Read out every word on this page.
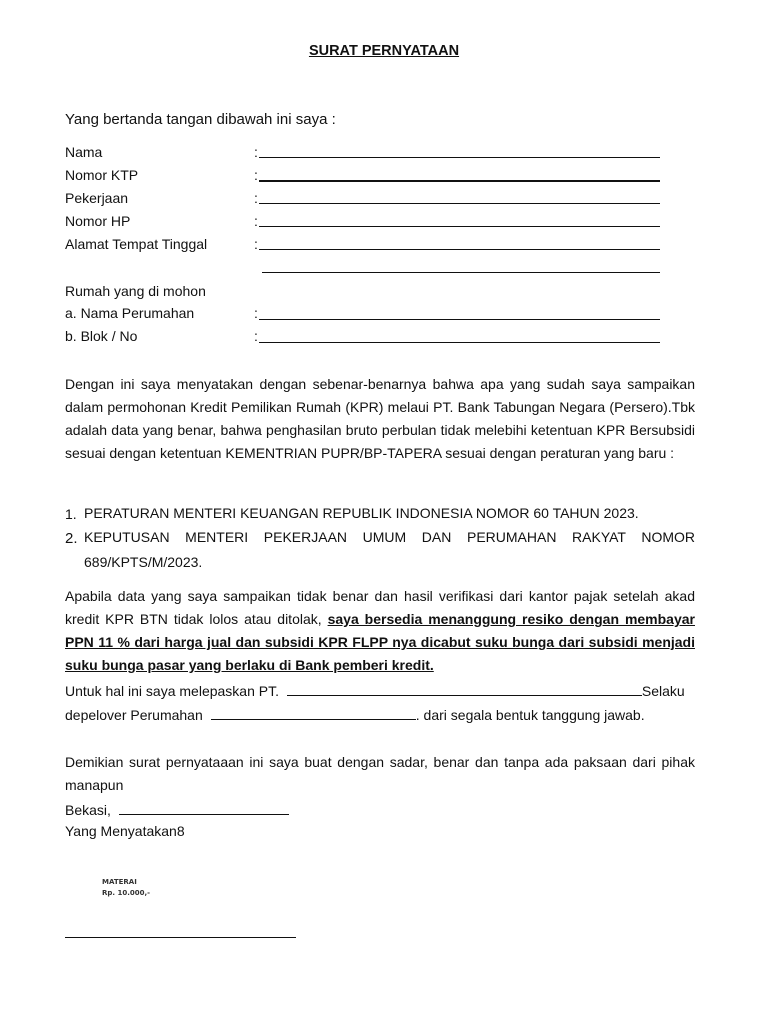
SURAT PERNYATAAN
Yang bertanda tangan dibawah ini saya :
Nama	:
Nomor KTP	:
Pekerjaan	:
Nomor HP	:
Alamat Tempat Tinggal	:
Rumah yang di mohon
a. Nama Perumahan	:
b. Blok / No	:
Dengan ini saya menyatakan dengan sebenar-benarnya bahwa apa yang sudah saya sampaikan dalam permohonan Kredit Pemilikan Rumah (KPR) melaui PT. Bank Tabungan Negara (Persero).Tbk adalah data yang benar, bahwa penghasilan bruto perbulan tidak melebihi ketentuan KPR Bersubsidi sesuai dengan ketentuan KEMENTRIAN PUPR/BP-TAPERA sesuai dengan peraturan yang baru :
1. PERATURAN MENTERI KEUANGAN REPUBLIK INDONESIA NOMOR 60 TAHUN 2023.
2. KEPUTUSAN MENTERI PEKERJAAN UMUM DAN PERUMAHAN RAKYAT NOMOR 689/KPTS/M/2023.
Apabila data yang saya sampaikan tidak benar dan hasil verifikasi dari kantor pajak setelah akad kredit KPR BTN tidak lolos atau ditolak, saya bersedia menanggung resiko dengan membayar PPN 11 % dari harga jual dan subsidi KPR FLPP nya dicabut suku bunga dari subsidi menjadi suku bunga pasar yang berlaku di Bank pemberi kredit.
Untuk hal ini saya melepaskan PT.	Selaku
depelover Perumahan	. dari segala bentuk tanggung jawab.
Demikian surat pernyataaan ini saya buat dengan sadar, benar dan tanpa ada paksaan dari pihak manapun
Bekasi,
Yang Menyatakan8
MATERAI
Rp. 10.000,-
